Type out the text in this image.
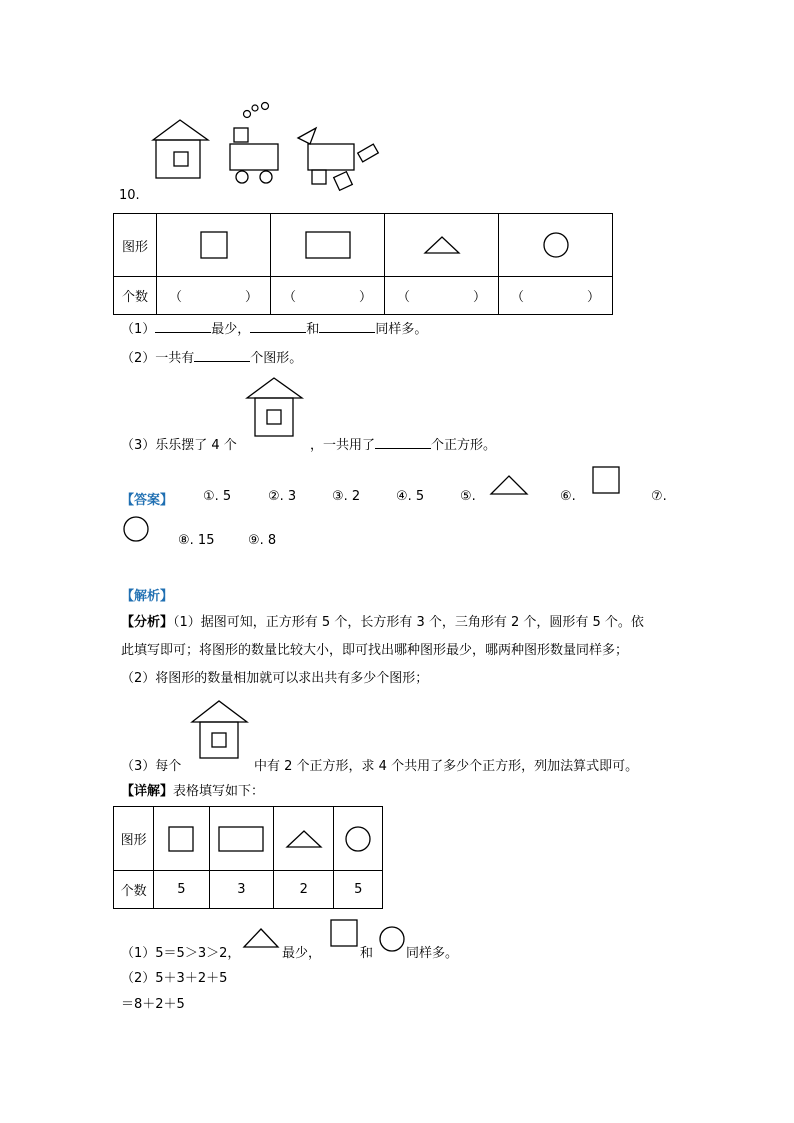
10.
图形	

个数	（ ）	（ ）	（ ）	（ ）
（1）	最少，	和	同样多。
（2）一共有	个图形。
（3）乐乐摆了 4 个	，一共用了	个正方形。
【答案】 ①. 5	②. 3	③. 2	④. 5	⑤.	⑥.	⑦.
⑧. 15	⑨. 8
【解析】
【分析】（1）据图可知，正方形有 5 个，长方形有 3 个，三角形有 2 个，圆形有 5 个。依
此填写即可；将图形的数量比较大小，即可找出哪种图形最少，哪两种图形数量同样多；
（2）将图形的数量相加就可以求出共有多少个图形；
（3）每个	中有 2 个正方形，求 4 个共用了多少个正方形，列加法算式即可。
【详解】表格填写如下：
图形	

个数	5	3	2	5
（1）5＝5＞3＞2，	最少，	和	同样多。
（2）5＋3＋2＋5
＝8＋2＋5
